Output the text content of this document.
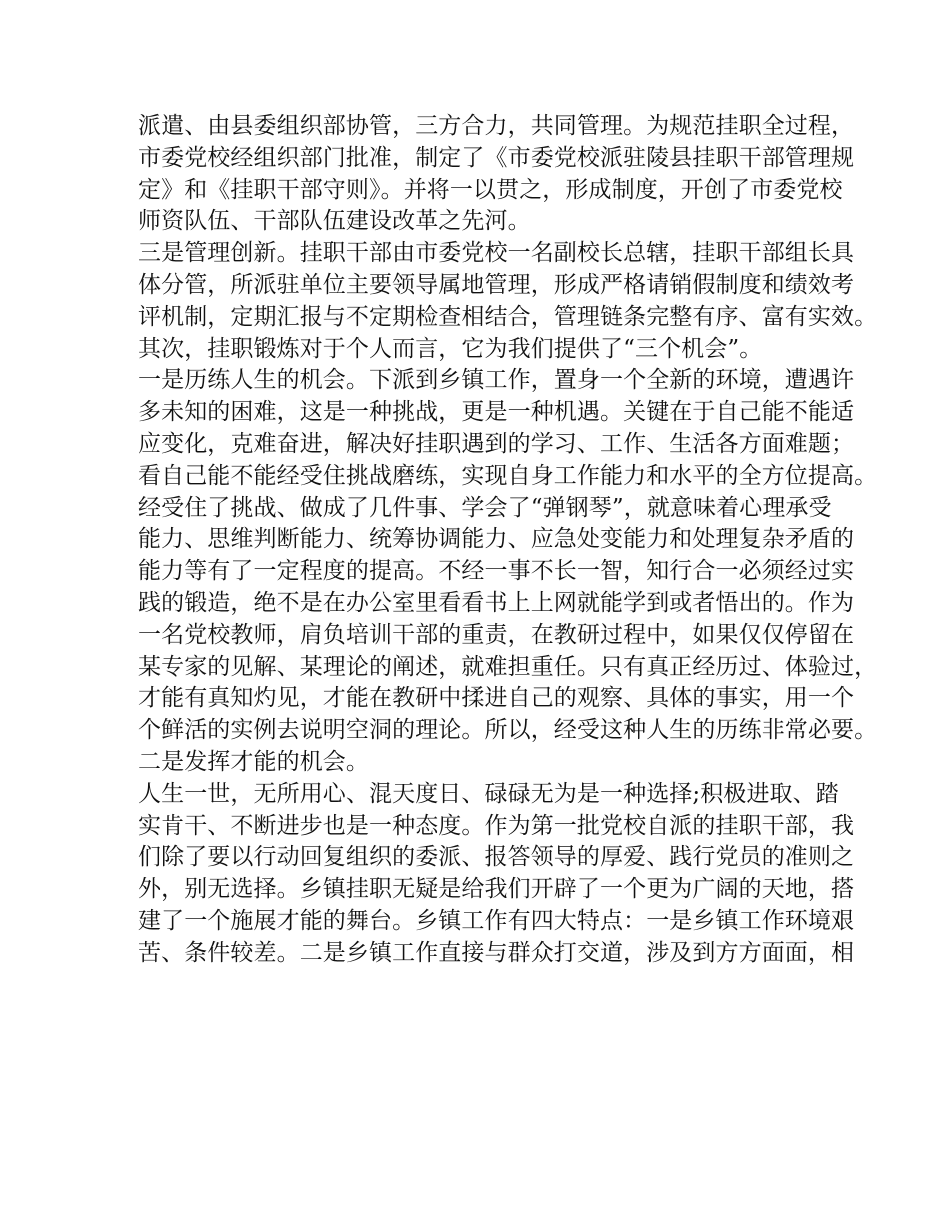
派遣、由县委组织部协管，三方合力，共同管理。为规范挂职全过程，
市委党校经组织部门批准，制定了《市委党校派驻陵县挂职干部管理规
定》和《挂职干部守则》。并将一以贯之，形成制度，开创了市委党校
师资队伍、干部队伍建设改革之先河。
三是管理创新。挂职干部由市委党校一名副校长总辖，挂职干部组长具
体分管，所派驻单位主要领导属地管理，形成严格请销假制度和绩效考
评机制，定期汇报与不定期检查相结合，管理链条完整有序、富有实效。
其次，挂职锻炼对于个人而言，它为我们提供了“三个机会”。
一是历练人生的机会。下派到乡镇工作，置身一个全新的环境，遭遇许
多未知的困难，这是一种挑战，更是一种机遇。关键在于自己能不能适
应变化，克难奋进，解决好挂职遇到的学习、工作、生活各方面难题；
看自己能不能经受住挑战磨练，实现自身工作能力和水平的全方位提高。
经受住了挑战、做成了几件事、学会了“弹钢琴”，就意味着心理承受
能力、思维判断能力、统筹协调能力、应急处变能力和处理复杂矛盾的
能力等有了一定程度的提高。不经一事不长一智，知行合一必须经过实
践的锻造，绝不是在办公室里看看书上上网就能学到或者悟出的。作为
一名党校教师，肩负培训干部的重责，在教研过程中，如果仅仅停留在
某专家的见解、某理论的阐述，就难担重任。只有真正经历过、体验过，
才能有真知灼见，才能在教研中揉进自己的观察、具体的事实，用一个
个鲜活的实例去说明空洞的理论。所以，经受这种人生的历练非常必要。
二是发挥才能的机会。
人生一世，无所用心、混天度日、碌碌无为是一种选择;积极进取、踏
实肯干、不断进步也是一种态度。作为第一批党校自派的挂职干部，我
们除了要以行动回复组织的委派、报答领导的厚爱、践行党员的准则之
外，别无选择。乡镇挂职无疑是给我们开辟了一个更为广阔的天地，搭
建了一个施展才能的舞台。乡镇工作有四大特点：一是乡镇工作环境艰
苦、条件较差。二是乡镇工作直接与群众打交道，涉及到方方面面，相
